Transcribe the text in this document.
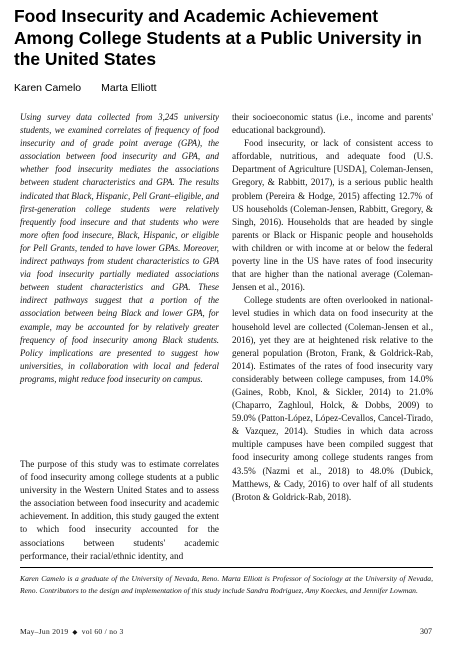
Food Insecurity and Academic Achievement Among College Students at a Public University in the United States
Karen Camelo Marta Elliott
Using survey data collected from 3,245 university students, we examined correlates of frequency of food insecurity and of grade point average (GPA), the association between food insecurity and GPA, and whether food insecurity mediates the associations between student characteristics and GPA. The results indicated that Black, Hispanic, Pell Grant–eligible, and first-generation college students were relatively frequently food insecure and that students who were more often food insecure, Black, Hispanic, or eligible for Pell Grants, tended to have lower GPAs. Moreover, indirect pathways from student characteristics to GPA via food insecurity partially mediated associations between student characteristics and GPA. These indirect pathways suggest that a portion of the association between being Black and lower GPA, for example, may be accounted for by relatively greater frequency of food insecurity among Black students. Policy implications are presented to suggest how universities, in collaboration with local and federal programs, might reduce food insecurity on campus.
The purpose of this study was to estimate correlates of food insecurity among college students at a public university in the Western United States and to assess the association between food insecurity and academic achievement. In addition, this study gauged the extent to which food insecurity accounted for the associations between students' academic performance, their racial/ethnic identity, and

their socioeconomic status (i.e., income and parents' educational background).

Food insecurity, or lack of consistent access to affordable, nutritious, and adequate food (U.S. Department of Agriculture [USDA], Coleman-Jensen, Gregory, & Rabbitt, 2017), is a serious public health problem (Pereira & Hodge, 2015) affecting 12.7% of US households (Coleman-Jensen, Rabbitt, Gregory, & Singh, 2016). Households that are headed by single parents or Black or Hispanic people and households with children or with income at or below the federal poverty line in the US have rates of food insecurity that are higher than the national average (Coleman-Jensen et al., 2016).

College students are often overlooked in national-level studies in which data on food insecurity at the household level are collected (Coleman-Jensen et al., 2016), yet they are at heightened risk relative to the general population (Broton, Frank, & Goldrick-Rab, 2014). Estimates of the rates of food insecurity vary considerably between college campuses, from 14.0% (Gaines, Robb, Knol, & Sickler, 2014) to 21.0% (Chaparro, Zaghloul, Holck, & Dobbs, 2009) to 59.0% (Patton-López, López-Cevallos, Cancel-Tirado, & Vazquez, 2014). Studies in which data across multiple campuses have been compiled suggest that food insecurity among college students ranges from 43.5% (Nazmi et al., 2018) to 48.0% (Dubick, Matthews, & Cady, 2016) to over half of all students (Broton & Goldrick-Rab, 2018).

Karen Camelo is a graduate of the University of Nevada, Reno. Marta Elliott is Professor of Sociology at the University of Nevada, Reno. Contributors to the design and implementation of this study include Sandra Rodriguez, Amy Koeckes, and Jennifer Lowman.
May–Jun 2019 ◆ vol 60 / no 3	307
